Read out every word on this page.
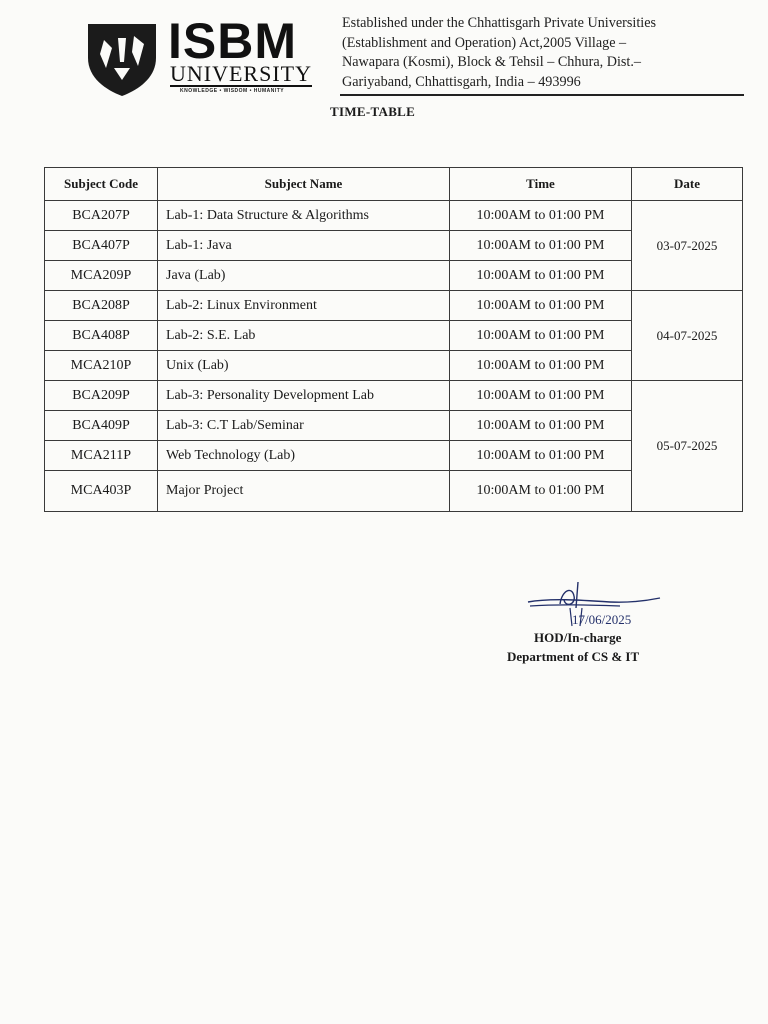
ISBM
UNIVERSITY
KNOWLEDGE • WISDOM • HUMANITY
Established under the Chhattisgarh Private Universities
(Establishment and Operation) Act,2005 Village –
Nawapara (Kosmi), Block & Tehsil – Chhura, Dist.–
Gariyaband, Chhattisgarh, India – 493996
TIME-TABLE
Subject Code	Subject Name	Time	Date
BCA207P	Lab-1: Data Structure & Algorithms	10:00AM to 01:00 PM	03-07-2025
BCA407P	Lab-1: Java	10:00AM to 01:00 PM	
MCA209P	Java (Lab)	10:00AM to 01:00 PM	
BCA208P	Lab-2: Linux Environment	10:00AM to 01:00 PM	04-07-2025
BCA408P	Lab-2: S.E. Lab	10:00AM to 01:00 PM	
MCA210P	Unix (Lab)	10:00AM to 01:00 PM	
BCA209P	Lab-3: Personality Development Lab	10:00AM to 01:00 PM	05-07-2025
BCA409P	Lab-3: C.T Lab/Seminar	10:00AM to 01:00 PM	
MCA211P	Web Technology (Lab)	10:00AM to 01:00 PM	
MCA403P	Major Project	10:00AM to 01:00 PM	
17/06/2025
HOD/In-charge
Department of CS & IT
